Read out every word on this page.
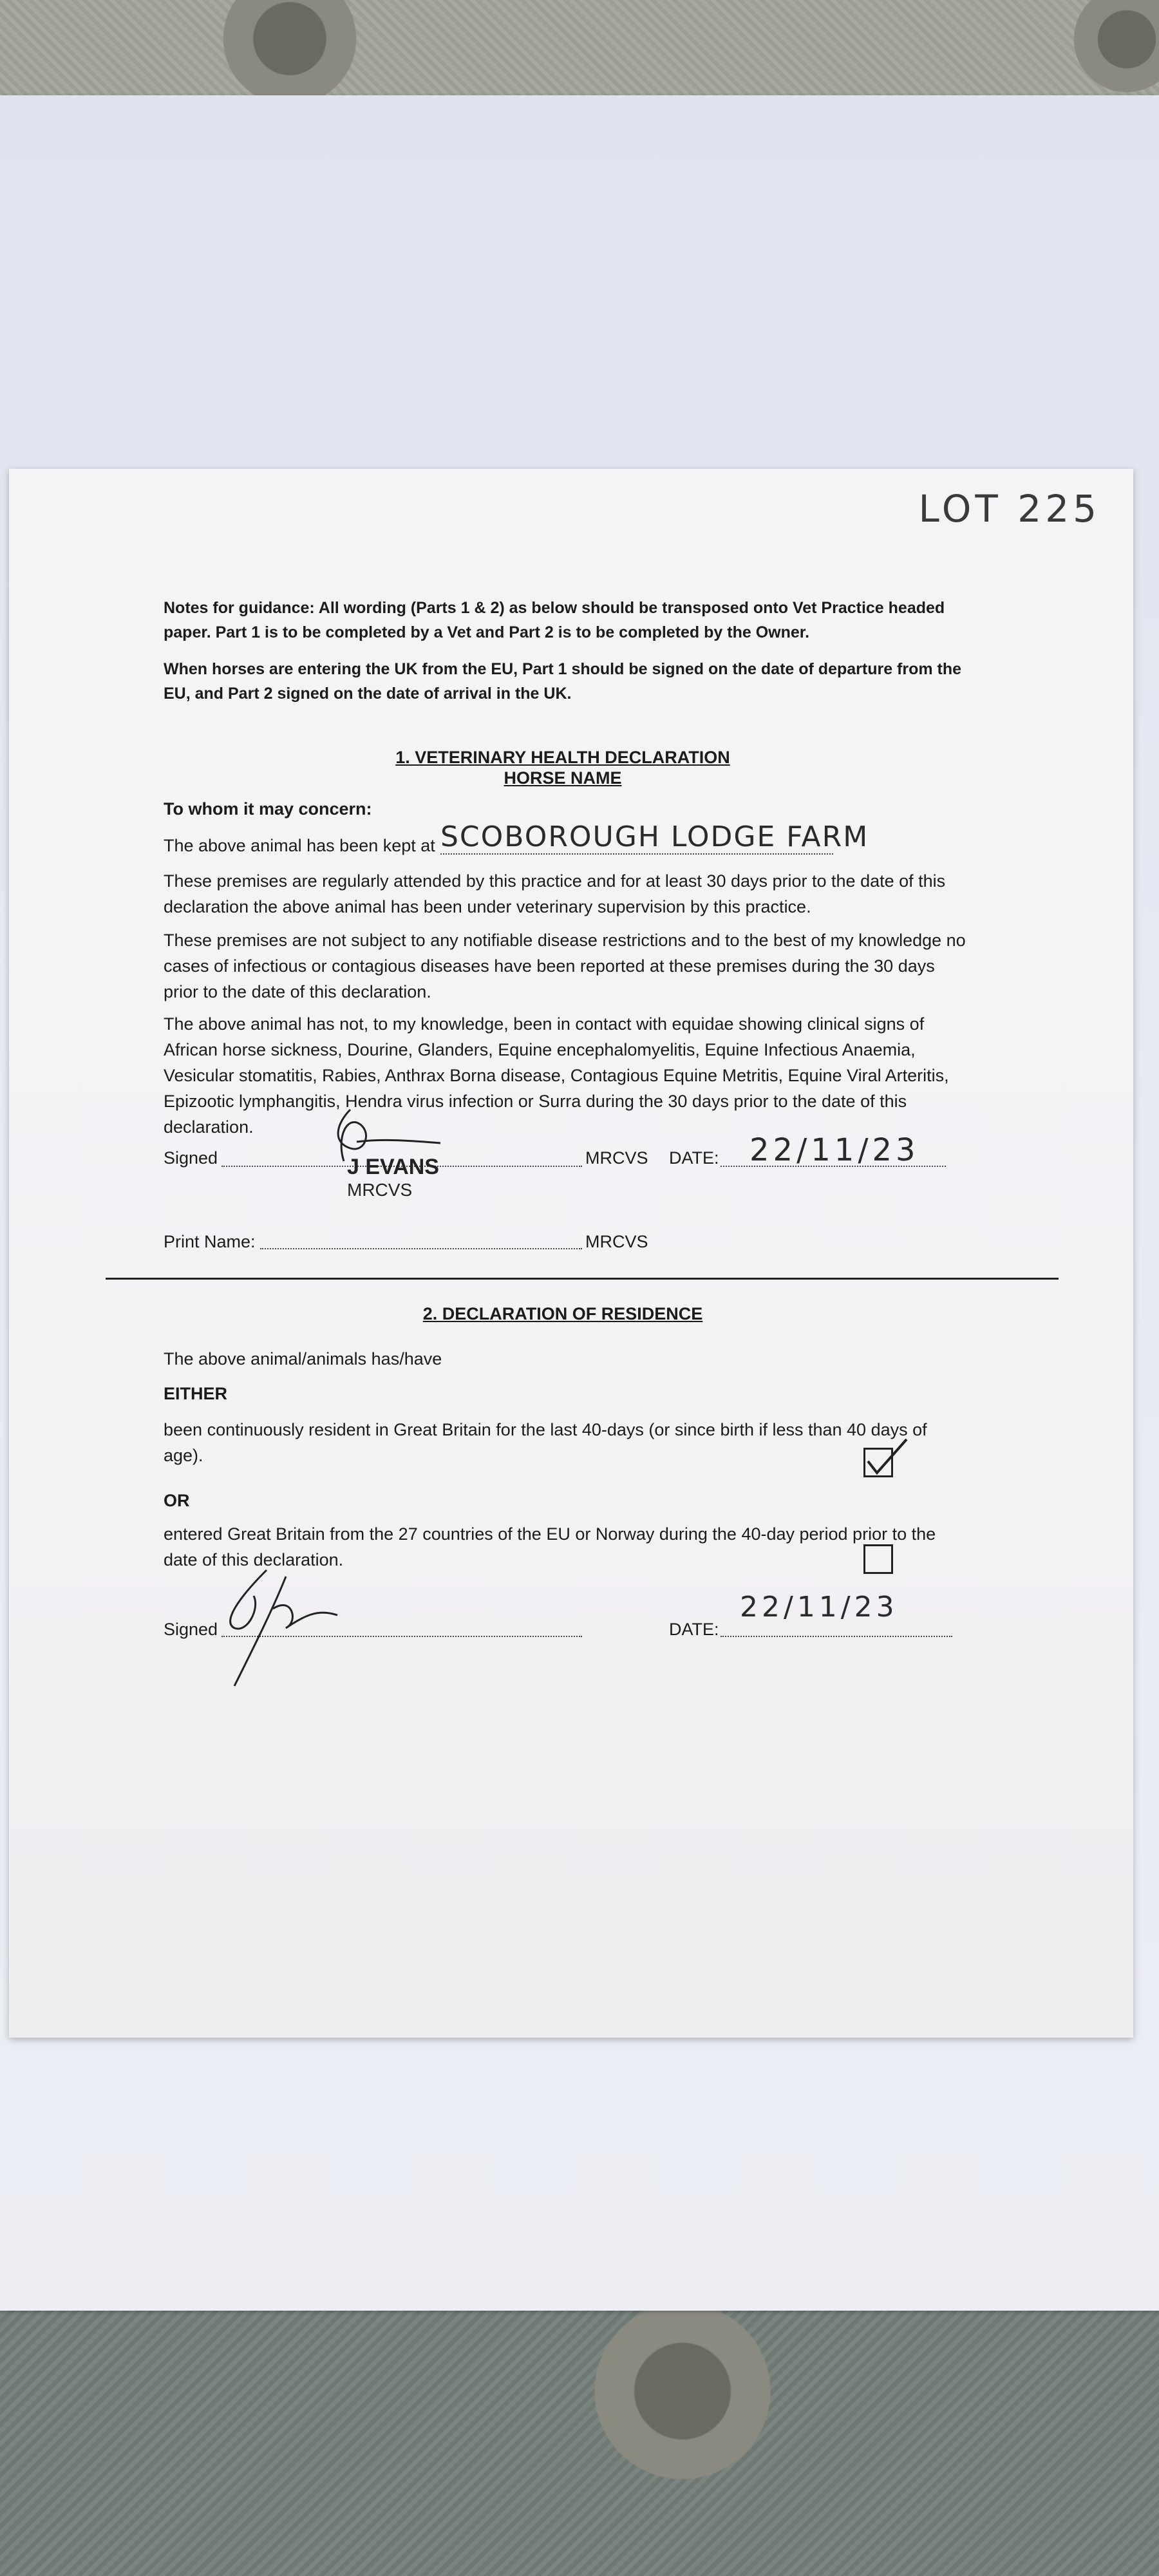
LOT 225
Notes for guidance: All wording (Parts 1 & 2) as below should be transposed onto Vet Practice headed paper. Part 1 is to be completed by a Vet and Part 2 is to be completed by the Owner.
When horses are entering the UK from the EU, Part 1 should be signed on the date of departure from the EU, and Part 2 signed on the date of arrival in the UK.
1. VETERINARY HEALTH DECLARATION
HORSE NAME
To whom it may concern:
The above animal has been kept at SCOBOROUGH LODGE FARM
These premises are regularly attended by this practice and for at least 30 days prior to the date of this declaration the above animal has been under veterinary supervision by this practice.
These premises are not subject to any notifiable disease restrictions and to the best of my knowledge no cases of infectious or contagious diseases have been reported at these premises during the 30 days prior to the date of this declaration.
The above animal has not, to my knowledge, been in contact with equidae showing clinical signs of African horse sickness, Dourine, Glanders, Equine encephalomyelitis, Equine Infectious Anaemia, Vesicular stomatitis, Rabies, Anthrax Borna disease, Contagious Equine Metritis, Equine Viral Arteritis, Epizootic lymphangitis, Hendra virus infection or Surra during the 30 days prior to the date of this declaration.
Signed	J EVANS
MRCVS
MRCVS DATE: 22/11/23
Print Name:	MRCVS
2. DECLARATION OF RESIDENCE
The above animal/animals has/have
EITHER
been continuously resident in Great Britain for the last 40-days (or since birth if less than 40 days of age).
OR
entered Great Britain from the 27 countries of the EU or Norway during the 40-day period prior to the date of this declaration.
Signed	DATE:
22/11/23
